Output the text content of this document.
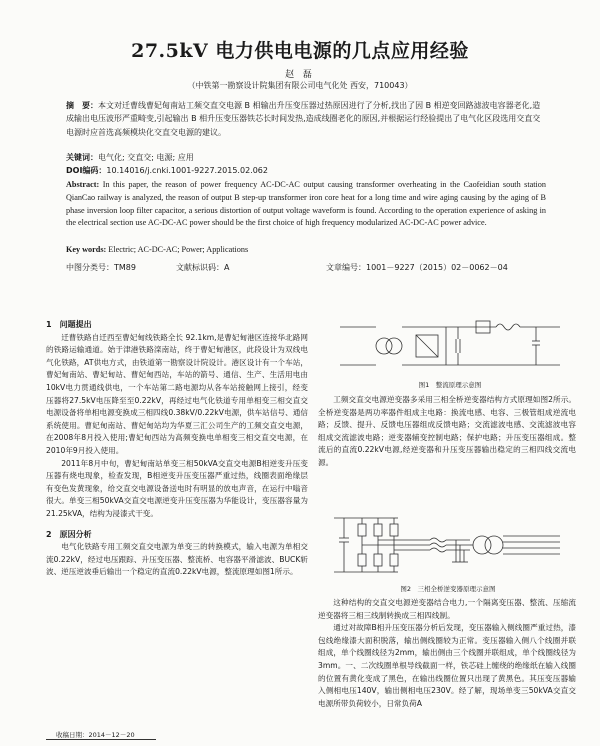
27.5kV 电力供电电源的几点应用经验
赵 磊
（中铁第一勘察设计院集团有限公司电气化处 西安，710043）
摘　要：本文对迁曹线曹妃甸南站工频交直交电源 B 相输出升压变压器过热原因进行了分析,找出了因 B 相逆变回路滤波电容器老化,造成输出电压波形严重畸变,引起输出 B 相升压变压器铁芯长时间发热,造成线圈老化的原因,并根据运行经验提出了电气化区段选用交直交电源时应首选高频模块化交直交电源的建议。
关键词：电气化; 交直交; 电源; 应用
DOI编码：10.14016/j.cnki.1001-9227.2015.02.062
Abstract: In this paper, the reason of power frequency AC-DC-AC output causing transformer overheating in the Caofeidian south station QianCao railway is analyzed, the reason of output B step-up transformer iron core heat for a long time and wire aging causing by the aging of B phase inversion loop filter capacitor, a serious distortion of output voltage waveform is found. According to the operation experience of asking in the electrical section use AC-DC-AC power should be the first choice of high frequency modularized AC-DC-AC power advice.
Key words: Electric; AC-DC-AC; Power; Applications
中图分类号：TM89	文献标识码：A	文章编号：1001－9227（2015）02－0062－04

1　问题提出

迁曹铁路自迁西至曹妃甸线铁路全长 92.1km,是曹妃甸港区连接华北路网的铁路运输通道。始于津港铁路滦南站，终于曹妃甸港区，此段设计为双线电气化铁路，AT供电方式，由铁道第一勘察设计院设计。港区设计有一个车站，曹妃甸南站、曹妃甸站、曹妃甸西站，车站的箭号、通信、生产、生活用电由10kV电力贯通线供电，一个车站第二路电源均从各车站接触网上接引，经变压器将27.5kV电压降至至0.22kV，再经过电气化铁道专用单相变三相交直交电源设备将单相电源变换成三相四线0.38kV/0.22kV电源，供车站信号、通信系统使用。曹妃甸南站、曹妃甸站均为华夏三汇公司生产的工频交直交电源，在2008年8月投入使用;曹妃甸西站为高频变换电单相变三相交直交电源，在2010年9月投入使用。

2011年8月中旬，曹妃甸南站单变三相50kVA交直交电源B相逆变升压变压器有烧电现象，检查发现，B相逆变升压变压器严重过热，线圈表面绝缘层有变色发黄现象，给交直交电源设备送电时有明显的放电声音，在运行中嗡音很大。单变三相50kVA交直交电源逆变升压变压器为华能设计，变压器容量为21.25kVA，结构为浸漆式干变。

2　原因分析

电气化铁路专用工频交直交电源为单变三的转换模式，输入电源为单相交流0.22kV，经过电压跟踪、升压变压器、整流桥、电容器平滑滤波、BUCK斩波、逆压逆波垂后输出一个稳定的直流0.22kV电源，整流原理如图1所示。

图1　整流原理示意图

工频交直交电源逆变器多采用三相全桥逆变器结构方式原理如图2所示。全桥逆变器是两功率器件组成主电路：换流电感、电容、三极管组成逆流电路；反馈、提升、反馈电压器组成反馈电路；交流滤波电感、交流滤波电容组成交流滤波电路；逆变器辅变控制电路；保护电路；升压变压器组成。整流后的直流0.22kV电源,经逆变器和升压变压器输出稳定的三相四线交流电源。

图2　三相全桥逆变器原理示意图

这种结构的交直交电源逆变器结合电力,一个隔离变压器、整流、压缩流逆变器将三相三线制转换成三相四线制。

通过对故障B相升压变压器分析后发现，变压器输入侧线圈严重过热，漆包线绝缘漆大面积脱落，输出侧线圈较为正常。变压器输入侧八个线圈并联组成，单个线圈线径为2mm，输出侧由三个线圈并联组成，单个线圈线径为3mm。一、二次线圈单根导线截面一样，铁芯硅上缠绕的绝缘纸在输入线圈的位置有黄化变成了黑色，在输出线圈位置只出现了黄黑色。其压变压器输入侧相电压140V，输出侧相电压230V。经了解，现场单变三50kVA交直交电源所带负荷较小，日常负荷A

收稿日期：2014－12－20
